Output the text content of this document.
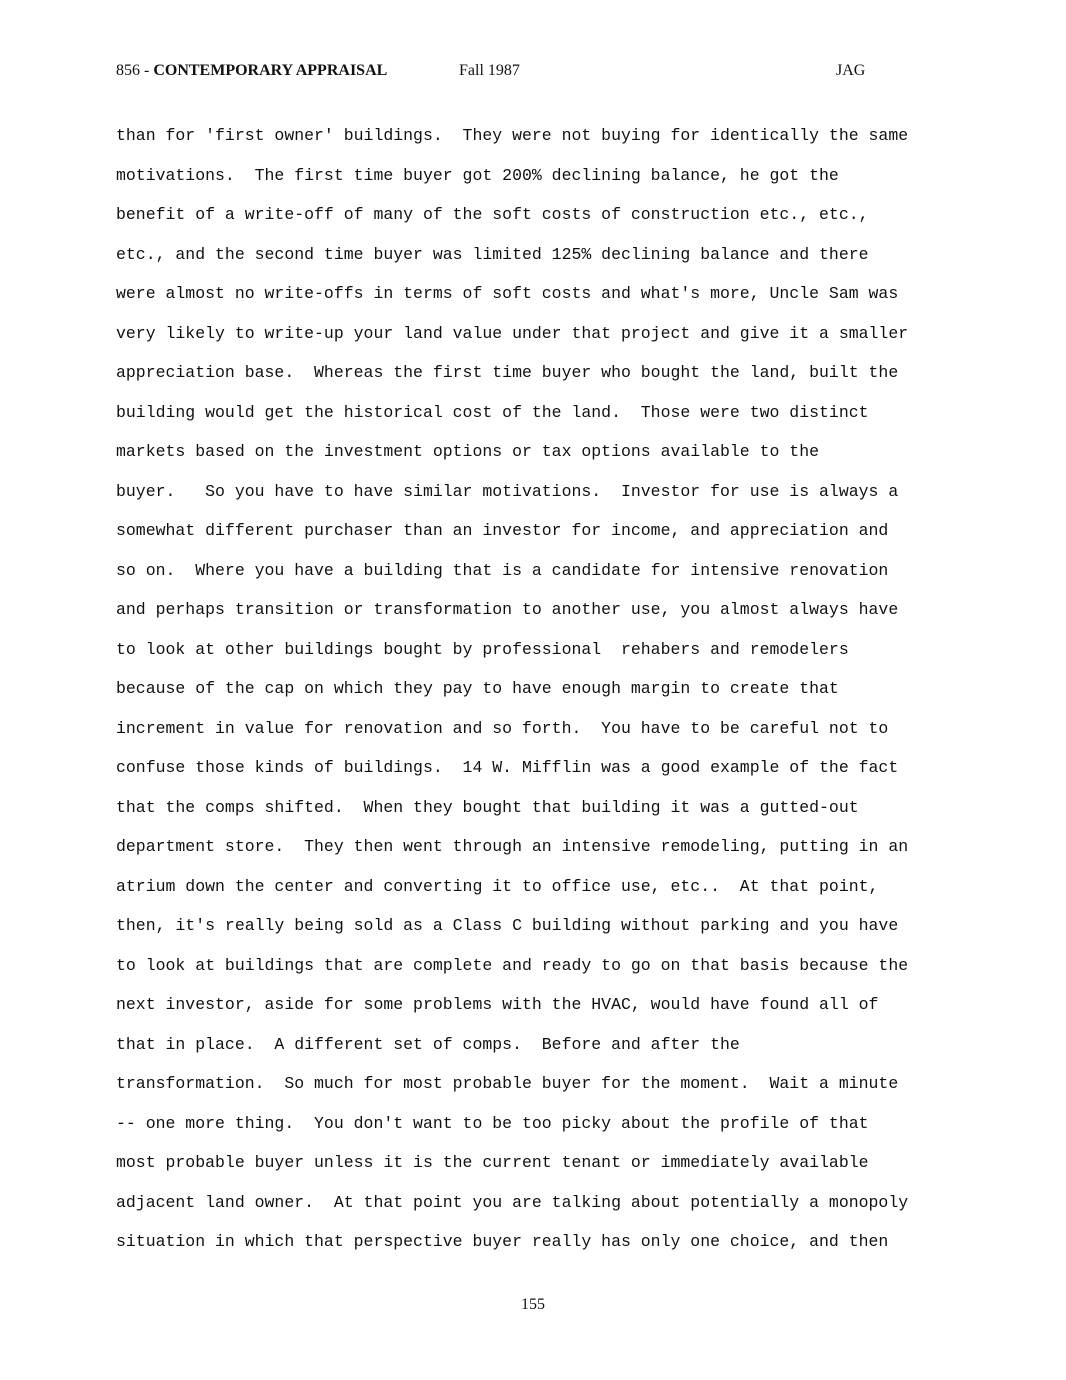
856 - CONTEMPORARY APPRAISAL	Fall 1987	JAG
than for 'first owner' buildings.  They were not buying for identically the same
motivations.  The first time buyer got 200% declining balance, he got the
benefit of a write-off of many of the soft costs of construction etc., etc.,
etc., and the second time buyer was limited 125% declining balance and there
were almost no write-offs in terms of soft costs and what's more, Uncle Sam was
very likely to write-up your land value under that project and give it a smaller
appreciation base.  Whereas the first time buyer who bought the land, built the
building would get the historical cost of the land.  Those were two distinct
markets based on the investment options or tax options available to the
buyer.   So you have to have similar motivations.  Investor for use is always a
somewhat different purchaser than an investor for income, and appreciation and
so on.  Where you have a building that is a candidate for intensive renovation
and perhaps transition or transformation to another use, you almost always have
to look at other buildings bought by professional  rehabers and remodelers
because of the cap on which they pay to have enough margin to create that
increment in value for renovation and so forth.  You have to be careful not to
confuse those kinds of buildings.  14 W. Mifflin was a good example of the fact
that the comps shifted.  When they bought that building it was a gutted-out
department store.  They then went through an intensive remodeling, putting in an
atrium down the center and converting it to office use, etc..  At that point,
then, it's really being sold as a Class C building without parking and you have
to look at buildings that are complete and ready to go on that basis because the
next investor, aside for some problems with the HVAC, would have found all of
that in place.  A different set of comps.  Before and after the
transformation.  So much for most probable buyer for the moment.  Wait a minute
-- one more thing.  You don't want to be too picky about the profile of that
most probable buyer unless it is the current tenant or immediately available
adjacent land owner.  At that point you are talking about potentially a monopoly
situation in which that perspective buyer really has only one choice, and then
155
